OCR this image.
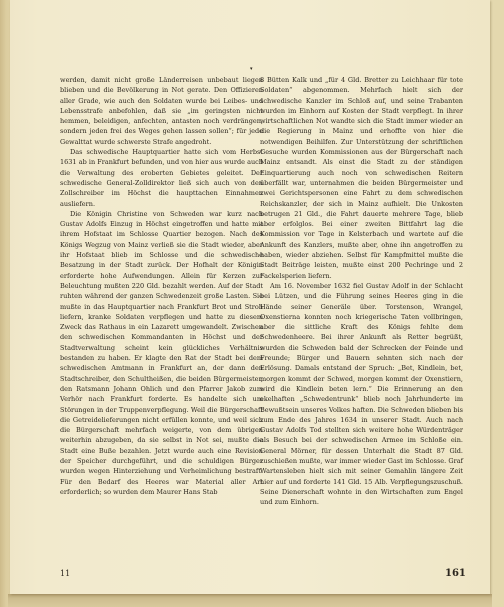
▾

werden, damit nicht große Länderreisen unbebaut liegen blieben und die Bevölkerung in Not gerate. Den Offizieren aller Grade, wie auch den Soldaten wurde bei Leibes- und Lebensstrafe anbefohlen, daß sie „im geringsten nicht hemmen, beleidigen, anfechten, antasten noch verdrängen, sondern jeden frei des Weges gehen lassen sollen“; für jede Gewalttat wurde schwerste Strafe angedroht.

Das schwedische Hauptquartier hatte sich vom Herbst 1631 ab in Frankfurt befunden, und von hier aus wurde auch die Verwaltung des eroberten Gebietes geleitet. Der schwedische General-Zolldirektor ließ sich auch von den Zollschreiber im Höchst die haupttachen Einnahmen ausliefern.

Die Königin Christine von Schweden war kurz nach Gustav Adolfs Einzug in Höchst eingetroffen und hatte mit ihrem Hofstaat im Schlosse Quartier bezogen. Nach des Königs Wegzug von Mainz verließ sie die Stadt wieder, aber ihr Hofstaat blieb im Schlosse und die schwedische Besatzung in der Stadt zurück. Der Hofhalt der Königin erforderte hohe Aufwendungen. Allein für Kerzen zur Beleuchtung mußten 220 Gld. bezahlt werden. Auf der Stadt ruhten während der ganzen Schwedenzeit große Lasten. Sie mußte in das Hauptquartier nach Frankfurt Brot und Stroh liefern, kranke Soldaten verpflegen und hatte zu diesem Zweck das Rathaus in ein Lazarett umgewandelt. Zwischen den schwedischen Kommandanten in Höchst und der Stadtverwaltung scheint kein glückliches Verhältnis bestanden zu haben. Er klagte den Rat der Stadt bei dem schwedischen Amtmann in Frankfurt an, der dann den Stadtschreiber, den Schultheißen, die beiden Bürgermeister, den Ratsmann Johann Ohlich und den Pfarrer Jakob zum Verhör nach Frankfurt forderte. Es handelte sich um Störungen in der Truppenverpflegung. Weil die Bürgerschaft die Getreidelieferungen nicht erfüllen konnte, und weil sich die Bürgerschaft mehrfach weigerte, von dem übrigen weiterhin abzugeben, da sie selbst in Not sei, mußte die Stadt eine Buße bezahlen. Jetzt wurde auch eine Revision der Speicher durchgeführt, und die schuldigen Bürger wurden wegen Hinterziehung und Verheimlichung bestraft. Für den Bedarf des Heeres war Material aller Art erforderlich; so wurden dem Maurer Hans Stab

8 Bütten Kalk und „für 4 Gld. Bretter zu Leichhaar für tote Soldaten“ abgenommen. Mehrfach hielt sich der schwedische Kanzler im Schloß auf, und seine Trabanten wurden im Einhorn auf Kosten der Stadt verpflegt. In ihrer wirtschaftlichen Not wandte sich die Stadt immer wieder an die Regierung in Mainz und erhoffte von hier die notwendigen Beihilfen. Zur Unterstützung der schriftlichen Gesuche wurden Kommissionen aus der Bürgerschaft nach Mainz entsandt. Als einst die Stadt zu der ständigen Einquartierung auch noch von schwedischen Reitern überfällt war, unternahmen die beiden Bürgermeister und zwei Gerichtspersonen eine Fahrt zu dem schwedischen Reichskanzler, der sich in Mainz aufhielt. Die Unkosten betrugen 21 Gld., die Fahrt dauerte mehrere Tage, blieb aber erfolglos. Bei einer zweiten Bittfahrt lag die Kommission vor Tage in Kelsterbach und wartete auf die Ankunft des Kanzlers, mußte aber, ohne ihn angetroffen zu haben, wieder abziehen. Selbst für Kampfmittel mußte die Stadt Beiträge leisten, mußte einst 200 Pechringe und 2 Fackelsperien liefern.

Am 16. November 1632 fiel Gustav Adolf in der Schlacht bei Lützen, und die Führung seines Heeres ging in die Hände seiner Generäle über. Torstenson, Wrangel, Oxenstierna konnten noch kriegerische Taten vollbringen, aber die sittliche Kraft des Königs fehlte dem Schwedenheere. Bei ihrer Ankunft als Retter begrüßt, wurden die Schweden bald der Schrecken der Feinde und Freunde; Bürger und Bauern sehnten sich nach der Erlösung. Damals entstand der Spruch: „Bet, Kindlein, bet, morgen kommt der Schwed, morgen kommt der Oxenstiern, wird die Kindlein beten lern.“ Die Erinnerung an den ekelhaften „Schwedentrunk“ blieb noch Jahrhunderte im Bewußtsein unseres Volkes haften. Die Schweden blieben bis zum Ende des Jahres 1634 in unserer Stadt. Auch nach Gustav Adolfs Tod stellten sich weitere hohe Würdenträger als Besuch bei der schwedischen Armee im Schloße ein. General Mörner, für dessen Unterhalt die Stadt 87 Gld. zuschießen mußte, war immer wieder Gast im Schlosse. Graf Wartensleben hielt sich mit seiner Gemahlin längere Zeit hier auf und forderte 141 Gld. 15 Alb. Verpflegungszuschuß. Seine Dienerschaft wohnte in den Wirtschaften zum Engel und zum Einhorn.

11	161
